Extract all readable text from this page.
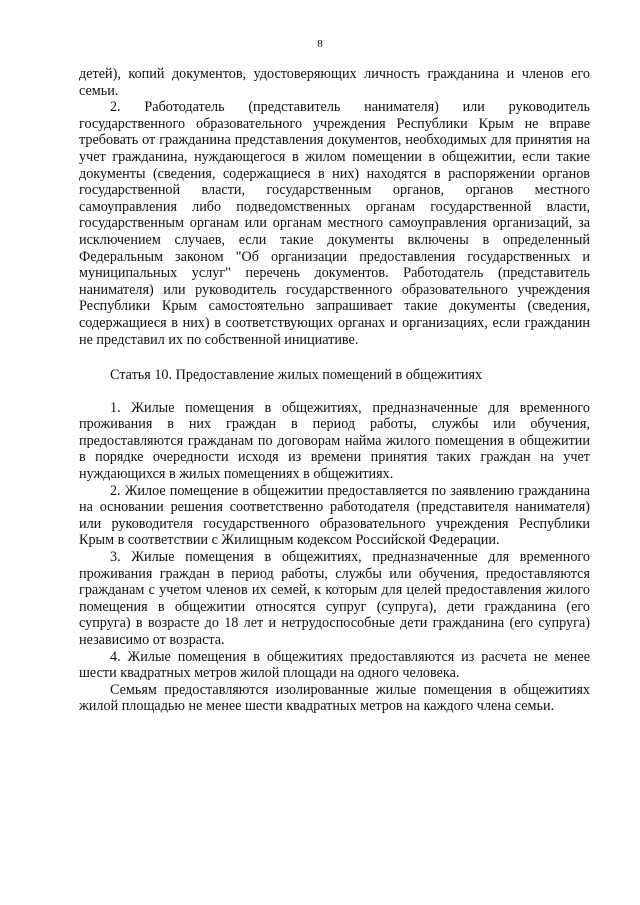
8

детей), копий документов, удостоверяющих личность гражданина и членов его семьи.

2. Работодатель (представитель нанимателя) или руководитель государственного образовательного учреждения Республики Крым не вправе требовать от гражданина представления документов, необходимых для принятия на учет гражданина, нуждающегося в жилом помещении в общежитии, если такие документы (сведения, содержащиеся в них) находятся в распоряжении органов государственной власти, государственным органов, органов местного самоуправления либо подведомственных органам государственной власти, государственным органам или органам местного самоуправления организаций, за исключением случаев, если такие документы включены в определенный Федеральным законом "Об организации предоставления государственных и муниципальных услуг" перечень документов. Работодатель (представитель нанимателя) или руководитель государственного образовательного учреждения Республики Крым самостоятельно запрашивает такие документы (сведения, содержащиеся в них) в соответствующих органах и организациях, если гражданин не представил их по собственной инициативе.

Статья 10. Предоставление жилых помещений в общежитиях

1. Жилые помещения в общежитиях, предназначенные для временного проживания в них граждан в период работы, службы или обучения, предоставляются гражданам по договорам найма жилого помещения в общежитии в порядке очередности исходя из времени принятия таких граждан на учет нуждающихся в жилых помещениях в общежитиях.

2. Жилое помещение в общежитии предоставляется по заявлению гражданина на основании решения соответственно работодателя (представителя нанимателя) или руководителя государственного образовательного учреждения Республики Крым в соответствии с Жилищным кодексом Российской Федерации.

3. Жилые помещения в общежитиях, предназначенные для временного проживания граждан в период работы, службы или обучения, предоставляются гражданам с учетом членов их семей, к которым для целей предоставления жилого помещения в общежитии относятся супруг (супруга), дети гражданина (его супруга) в возрасте до 18 лет и нетрудоспособные дети гражданина (его супруга) независимо от возраста.

4. Жилые помещения в общежитиях предоставляются из расчета не менее шести квадратных метров жилой площади на одного человека.

Семьям предоставляются изолированные жилые помещения в общежитиях жилой площадью не менее шести квадратных метров на каждого члена семьи.
